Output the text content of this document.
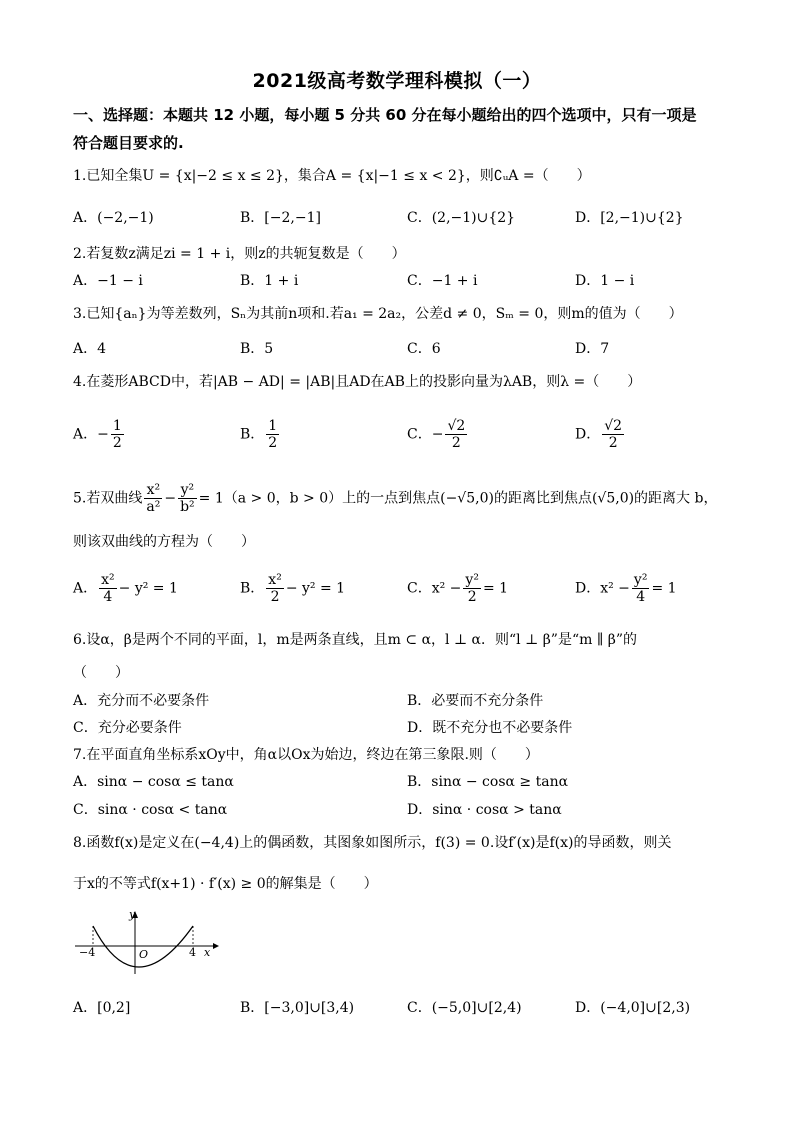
2021级高考数学理科模拟（一）
一、选择题：本题共 12 小题，每小题 5 分共 60 分在每小题给出的四个选项中，只有一项是
符合题目要求的.
1.已知全集U = {x|−2 ≤ x ≤ 2}，集合A = {x|−1 ≤ x < 2}，则∁ᵤA =（　　）
A．(−2,−1)	B．[−2,−1]	C．(2,−1)∪{2}	D．[2,−1)∪{2}
2.若复数z满足zi = 1 + i，则z的共轭复数是（　　）
A．−1 − i	B．1 + i	C．−1 + i	D．1 − i
3.已知{aₙ}为等差数列，Sₙ为其前n项和.若a₁ = 2a₂，公差d ≠ 0，Sₘ = 0，则m的值为（　　）
A．4	B．5	C．6	D．7
4.在菱形ABCD中，若|AB − AD| = |AB|且AD在AB上的投影向量为λAB，则λ =（　　）
A．− $\frac{1}{2}$	B． $\frac{1}{2}$	C．− $\frac{√2}{2}$	D． $\frac{√2}{2}$
5.若双曲线 $\frac{\text{x²}}{\text{a²}} - \frac{\text{y²}}{\text{b²}} = 1(a > 0$，b > 0）上的一点到焦点(−√5,0)的距离比到焦点(√5,0)的距离大 b，
则该双曲线的方程为（　　）
A． $\frac{\text{x²}}{4} - y^2 = 1$	B． $\frac{\text{x²}}{2} - y^2 = 1$	C．$x^2 - \frac{\text{y²}}{2} = 1$	D．$x^2 - \frac{\text{y²}}{4} = 1$
6.设α，β是两个不同的平面，l，m是两条直线，且m ⊂ α，l ⊥ α．则“l ⊥ β”是“m ∥ β”的
（　　）
A．充分而不必要条件	B．必要而不充分条件
C．充分必要条件	D．既不充分也不必要条件
7.在平面直角坐标系xOy中，角α以Ox为始边，终边在第三象限.则（　　）
A．sinα − cosα ≤ tanα	B．sinα − cosα ≥ tanα
C．sinα · cosα < tanα	D．sinα · cosα > tanα
8.函数f(x)是定义在(−4,4)上的偶函数，其图象如图所示，f(3) = 0.设f′(x)是f(x)的导函数，则关
于x的不等式f(x+1) · f′(x) ≥ 0的解集是（　　）
y
O	x
−4	4
A．[0,2]	B．[−3,0]∪[3,4)	C．(−5,0]∪[2,4)	D．(−4,0]∪[2,3)
